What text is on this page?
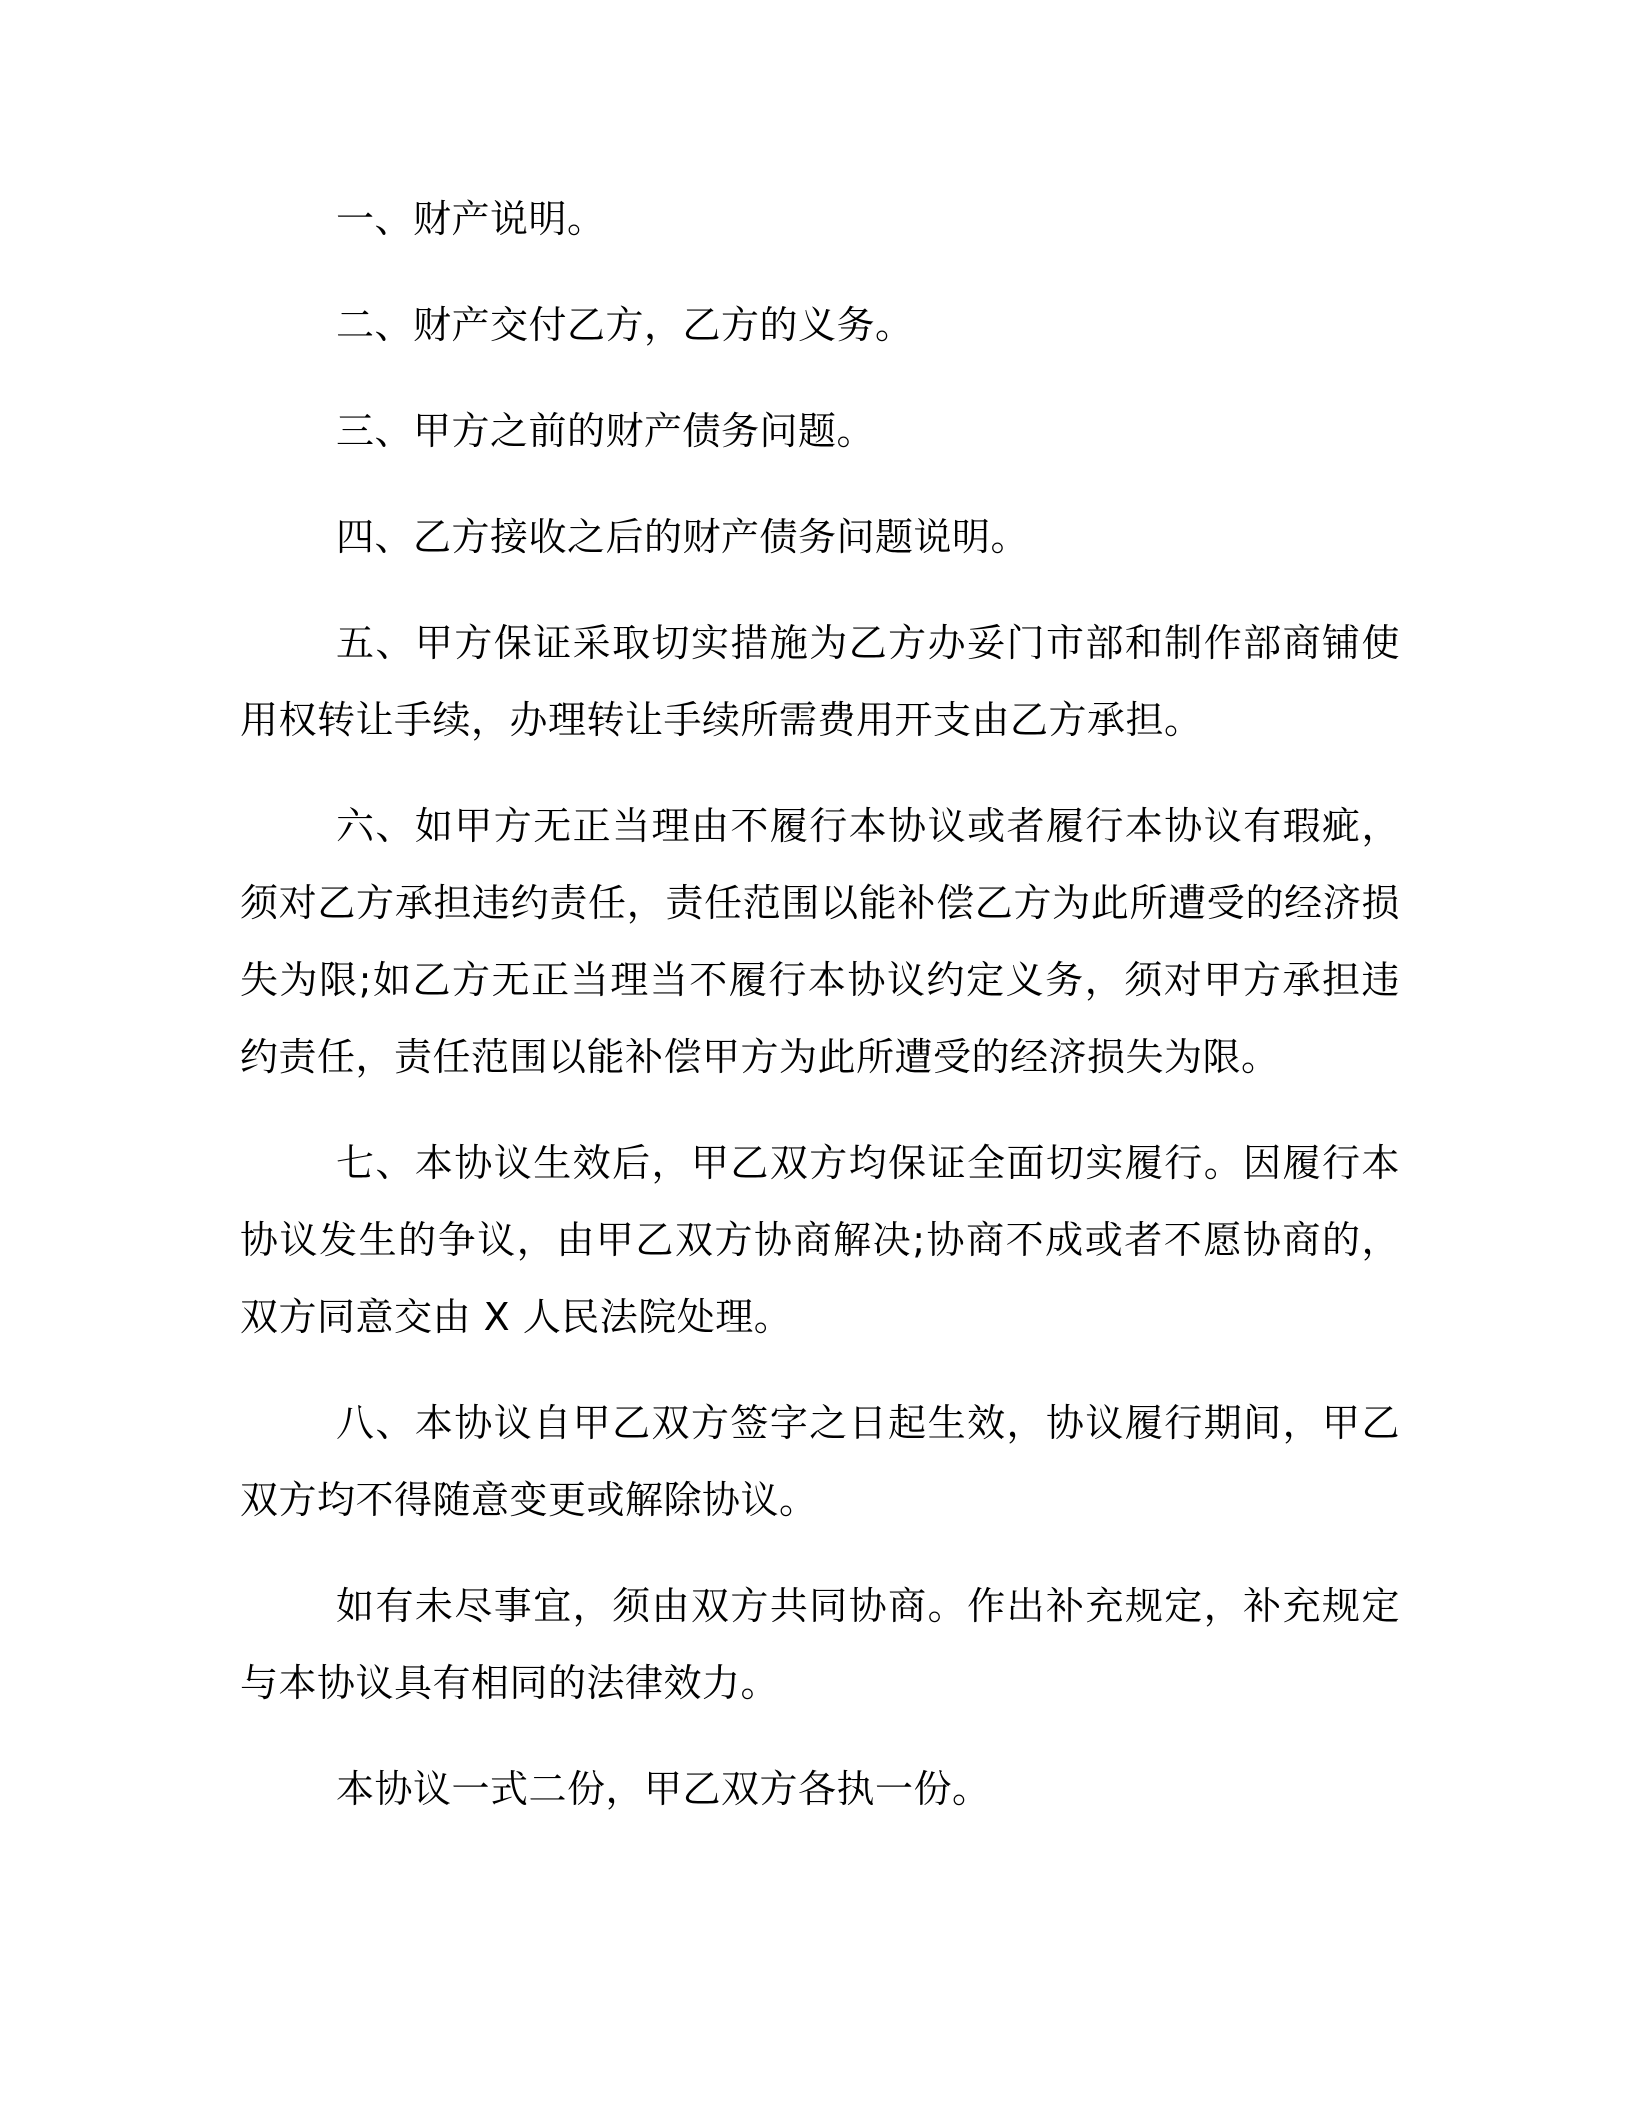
一、财产说明。

二、财产交付乙方，乙方的义务。

三、甲方之前的财产债务问题。

四、乙方接收之后的财产债务问题说明。

五、甲方保证采取切实措施为乙方办妥门市部和制作部商铺使用权转让手续，办理转让手续所需费用开支由乙方承担。

六、如甲方无正当理由不履行本协议或者履行本协议有瑕疵，须对乙方承担违约责任，责任范围以能补偿乙方为此所遭受的经济损失为限;如乙方无正当理当不履行本协议约定义务，须对甲方承担违约责任，责任范围以能补偿甲方为此所遭受的经济损失为限。

七、本协议生效后，甲乙双方均保证全面切实履行。因履行本协议发生的争议，由甲乙双方协商解决;协商不成或者不愿协商的，双方同意交由 X 人民法院处理。

八、本协议自甲乙双方签字之日起生效，协议履行期间，甲乙双方均不得随意变更或解除协议。

如有未尽事宜，须由双方共同协商。作出补充规定，补充规定与本协议具有相同的法律效力。

本协议一式二份，甲乙双方各执一份。
